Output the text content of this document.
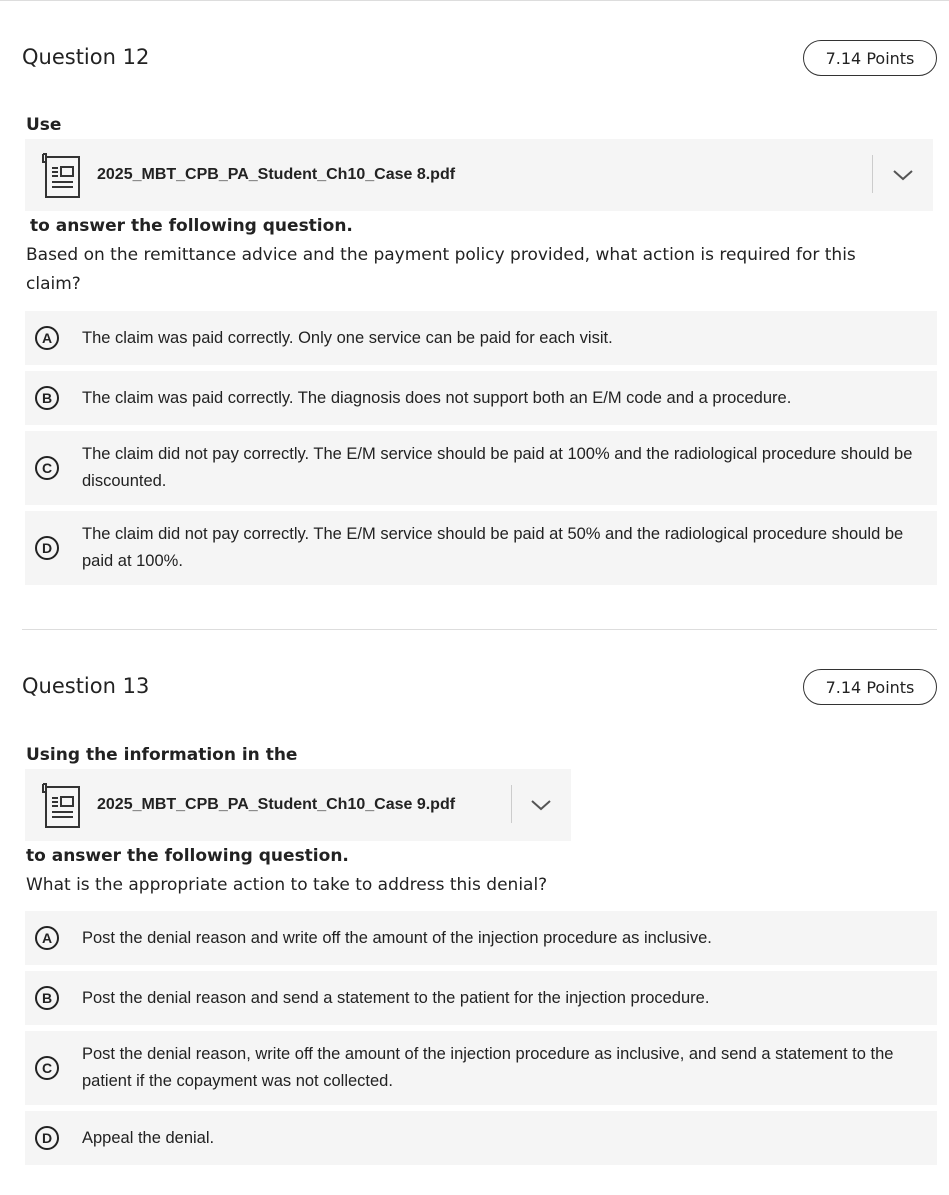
Question 12	7.14 Points
Use
2025_MBT_CPB_PA_Student_Ch10_Case 8.pdf
to answer the following question.
Based on the remittance advice and the payment policy provided, what action is required for this claim?
A	The claim was paid correctly. Only one service can be paid for each visit.
B	The claim was paid correctly. The diagnosis does not support both an E/M code and a procedure.
C
The claim did not pay correctly. The E/M service should be paid at 100% and the radiological procedure should be discounted.
D
The claim did not pay correctly. The E/M service should be paid at 50% and the radiological procedure should be paid at 100%.
Question 13	7.14 Points
Using the information in the
2025_MBT_CPB_PA_Student_Ch10_Case 9.pdf
to answer the following question.
What is the appropriate action to take to address this denial?
A	Post the denial reason and write off the amount of the injection procedure as inclusive.
B	Post the denial reason and send a statement to the patient for the injection procedure.
C
Post the denial reason, write off the amount of the injection procedure as inclusive, and send a statement to the patient if the copayment was not collected.
D	Appeal the denial.
